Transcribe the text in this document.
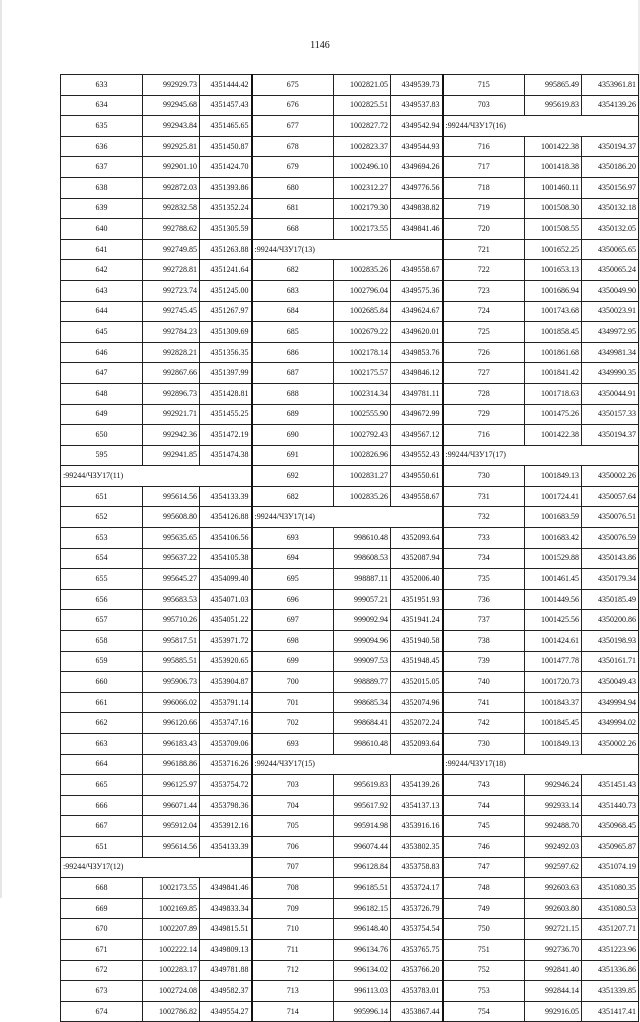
1146
633	992929.73	4351444.42	675	1002821.05	4349539.73	715	995865.49	4353961.81
634	992945.68	4351457.43	676	1002825.51	4349537.83	703	995619.83	4354139.26
635	992943.84	4351465.65	677	1002827.72	4349542.94	:99244/ЧЗУ17(16)		
636	992925.81	4351450.87	678	1002823.37	4349544.93	716	1001422.38	4350194.37
637	992901.10	4351424.70	679	1002496.10	4349694.26	717	1001418.38	4350186.20
638	992872.03	4351393.86	680	1002312.27	4349776.56	718	1001460.11	4350156.97
639	992832.58	4351352.24	681	1002179.30	4349838.82	719	1001508.30	4350132.18
640	992788.62	4351305.59	668	1002173.55	4349841.46	720	1001508.55	4350132.05
641	992749.85	4351263.88	:99244/ЧЗУ17(13)			721	1001652.25	4350065.65
642	992728.81	4351241.64	682	1002835.26	4349558.67	722	1001653.13	4350065.24
643	992723.74	4351245.00	683	1002796.04	4349575.36	723	1001686.94	4350049.90
644	992745.45	4351267.97	684	1002685.84	4349624.67	724	1001743.68	4350023.91
645	992784.23	4351309.69	685	1002679.22	4349620.01	725	1001858.45	4349972.95
646	992828.21	4351356.35	686	1002178.14	4349853.76	726	1001861.68	4349981.34
647	992867.66	4351397.99	687	1002175.57	4349846.12	727	1001841.42	4349990.35
648	992896.73	4351428.81	688	1002314.34	4349781.11	728	1001718.63	4350044.91
649	992921.71	4351455.25	689	1002555.90	4349672.99	729	1001475.26	4350157.33
650	992942.36	4351472.19	690	1002792.43	4349567.12	716	1001422.38	4350194.37
595	992941.85	4351474.38	691	1002826.96	4349552.43	:99244/ЧЗУ17(17)		
:99244/ЧЗУ17(11)			692	1002831.27	4349550.61	730	1001849.13	4350002.26
651	995614.56	4354133.39	682	1002835.26	4349558.67	731	1001724.41	4350057.64
652	995608.80	4354126.88	:99244/ЧЗУ17(14)			732	1001683.59	4350076.51
653	995635.65	4354106.56	693	998610.48	4352093.64	733	1001683.42	4350076.59
654	995637.22	4354105.38	694	998608.53	4352087.94	734	1001529.88	4350143.86
655	995645.27	4354099.40	695	998887.11	4352006.40	735	1001461.45	4350179.34
656	995683.53	4354071.03	696	999057.21	4351951.93	736	1001449.56	4350185.49
657	995710.26	4354051.22	697	999092.94	4351941.24	737	1001425.56	4350200.86
658	995817.51	4353971.72	698	999094.96	4351940.58	738	1001424.61	4350198.93
659	995885.51	4353920.65	699	999097.53	4351948.45	739	1001477.78	4350161.71
660	995906.73	4353904.87	700	998889.77	4352015.05	740	1001720.73	4350049.43
661	996066.02	4353791.14	701	998685.34	4352074.96	741	1001843.37	4349994.94
662	996120.66	4353747.16	702	998684.41	4352072.24	742	1001845.45	4349994.02
663	996183.43	4353709.06	693	998610.48	4352093.64	730	1001849.13	4350002.26
664	996188.86	4353716.26	:99244/ЧЗУ17(15)			:99244/ЧЗУ17(18)		
665	996125.97	4353754.72	703	995619.83	4354139.26	743	992946.24	4351451.43
666	996071.44	4353798.36	704	995617.92	4354137.13	744	992933.14	4351440.73
667	995912.04	4353912.16	705	995914.98	4353916.16	745	992488.70	4350968.45
651	995614.56	4354133.39	706	996074.44	4353802.35	746	992492.03	4350965.87
:99244/ЧЗУ17(12)			707	996128.84	4353758.83	747	992597.62	4351074.19
668	1002173.55	4349841.46	708	996185.51	4353724.17	748	992603.63	4351080.35
669	1002169.85	4349833.34	709	996182.15	4353726.79	749	992603.80	4351080.53
670	1002207.89	4349815.51	710	996148.40	4353754.54	750	992721.15	4351207.71
671	1002222.14	4349809.13	711	996134.76	4353765.75	751	992736.70	4351223.96
672	1002283.17	4349781.88	712	996134.02	4353766.20	752	992841.40	4351336.86
673	1002724.08	4349582.37	713	996113.03	4353783.01	753	992844.14	4351339.85
674	1002786.82	4349554.27	714	995996.14	4353867.44	754	992916.05	4351417.41
